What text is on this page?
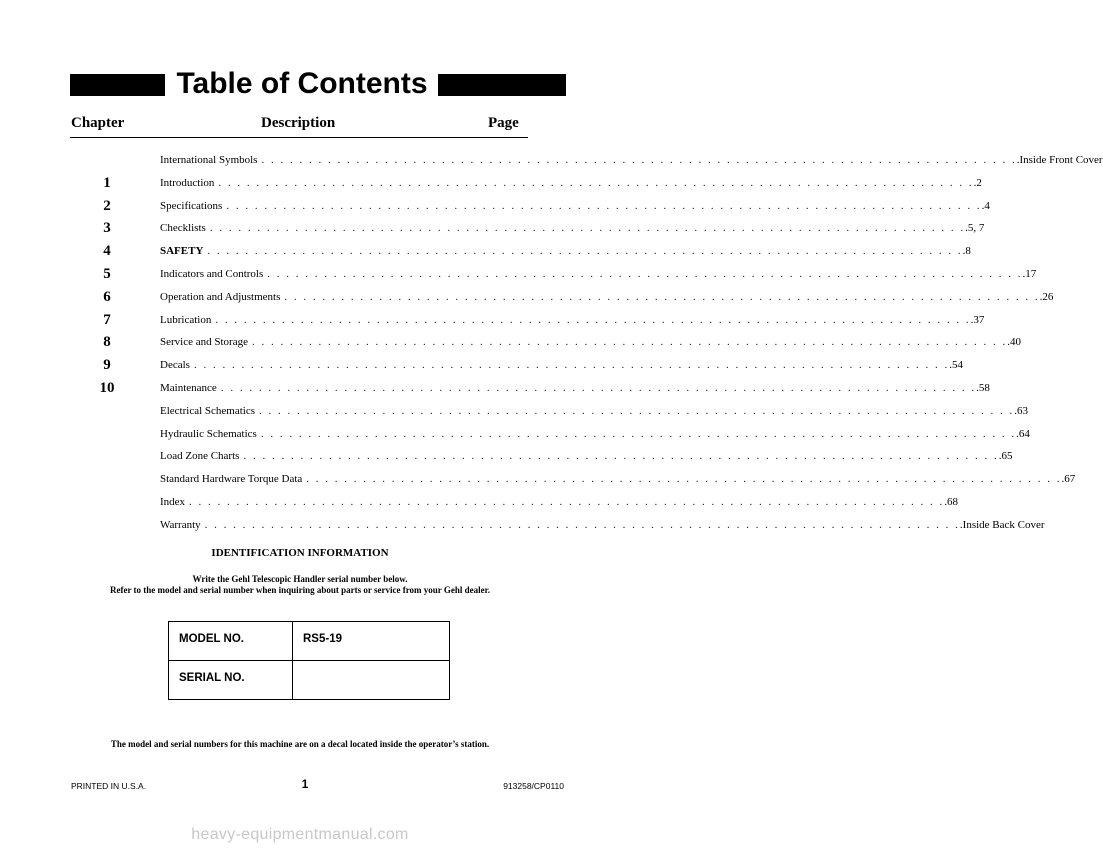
Table of Contents
Chapter	Description	Page
International Symbols . . . . . . . . . . . . . . . . . . . . . . . . . . . . . . . . . . . . . . . . . . . . . . . . . . . . . . . . . . . . . . . . . . . . . . . . . . . . . . . . .Inside Front Cover
1	Introduction . . . . . . . . . . . . . . . . . . . . . . . . . . . . . . . . . . . . . . . . . . . . . . . . . . . . . . . . . . . . . . . . . . . . . . . . . . . . . . . . .2
2	Specifications . . . . . . . . . . . . . . . . . . . . . . . . . . . . . . . . . . . . . . . . . . . . . . . . . . . . . . . . . . . . . . . . . . . . . . . . . . . . . . . . .4
3	Checklists . . . . . . . . . . . . . . . . . . . . . . . . . . . . . . . . . . . . . . . . . . . . . . . . . . . . . . . . . . . . . . . . . . . . . . . . . . . . . . . . .5, 7
4	SAFETY . . . . . . . . . . . . . . . . . . . . . . . . . . . . . . . . . . . . . . . . . . . . . . . . . . . . . . . . . . . . . . . . . . . . . . . . . . . . . . . . .8
5	Indicators and Controls . . . . . . . . . . . . . . . . . . . . . . . . . . . . . . . . . . . . . . . . . . . . . . . . . . . . . . . . . . . . . . . . . . . . . . . . . . . . . . . . .17
6	Operation and Adjustments . . . . . . . . . . . . . . . . . . . . . . . . . . . . . . . . . . . . . . . . . . . . . . . . . . . . . . . . . . . . . . . . . . . . . . . . . . . . . . . . .26
7	Lubrication . . . . . . . . . . . . . . . . . . . . . . . . . . . . . . . . . . . . . . . . . . . . . . . . . . . . . . . . . . . . . . . . . . . . . . . . . . . . . . . . .37
8	Service and Storage . . . . . . . . . . . . . . . . . . . . . . . . . . . . . . . . . . . . . . . . . . . . . . . . . . . . . . . . . . . . . . . . . . . . . . . . . . . . . . . . .40
9	Decals . . . . . . . . . . . . . . . . . . . . . . . . . . . . . . . . . . . . . . . . . . . . . . . . . . . . . . . . . . . . . . . . . . . . . . . . . . . . . . . . .54
10	Maintenance . . . . . . . . . . . . . . . . . . . . . . . . . . . . . . . . . . . . . . . . . . . . . . . . . . . . . . . . . . . . . . . . . . . . . . . . . . . . . . . . .58
Electrical Schematics . . . . . . . . . . . . . . . . . . . . . . . . . . . . . . . . . . . . . . . . . . . . . . . . . . . . . . . . . . . . . . . . . . . . . . . . . . . . . . . . .63
Hydraulic Schematics . . . . . . . . . . . . . . . . . . . . . . . . . . . . . . . . . . . . . . . . . . . . . . . . . . . . . . . . . . . . . . . . . . . . . . . . . . . . . . . . .64
Load Zone Charts . . . . . . . . . . . . . . . . . . . . . . . . . . . . . . . . . . . . . . . . . . . . . . . . . . . . . . . . . . . . . . . . . . . . . . . . . . . . . . . . .65
Standard Hardware Torque Data . . . . . . . . . . . . . . . . . . . . . . . . . . . . . . . . . . . . . . . . . . . . . . . . . . . . . . . . . . . . . . . . . . . . . . . . . . . . . . . . .67
Index . . . . . . . . . . . . . . . . . . . . . . . . . . . . . . . . . . . . . . . . . . . . . . . . . . . . . . . . . . . . . . . . . . . . . . . . . . . . . . . . .68
Warranty . . . . . . . . . . . . . . . . . . . . . . . . . . . . . . . . . . . . . . . . . . . . . . . . . . . . . . . . . . . . . . . . . . . . . . . . . . . . . . . . .Inside Back Cover
IDENTIFICATION INFORMATION
Write the Gehl Telescopic Handler serial number below.
Refer to the model and serial number when inquiring about parts or service from your Gehl dealer.
MODEL NO.	RS5-19
SERIAL NO.
The model and serial numbers for this machine are on a decal located inside the operator’s station.
PRINTED IN U.S.A.	1	913258/CP0110
heavy-equipmentmanual.com
